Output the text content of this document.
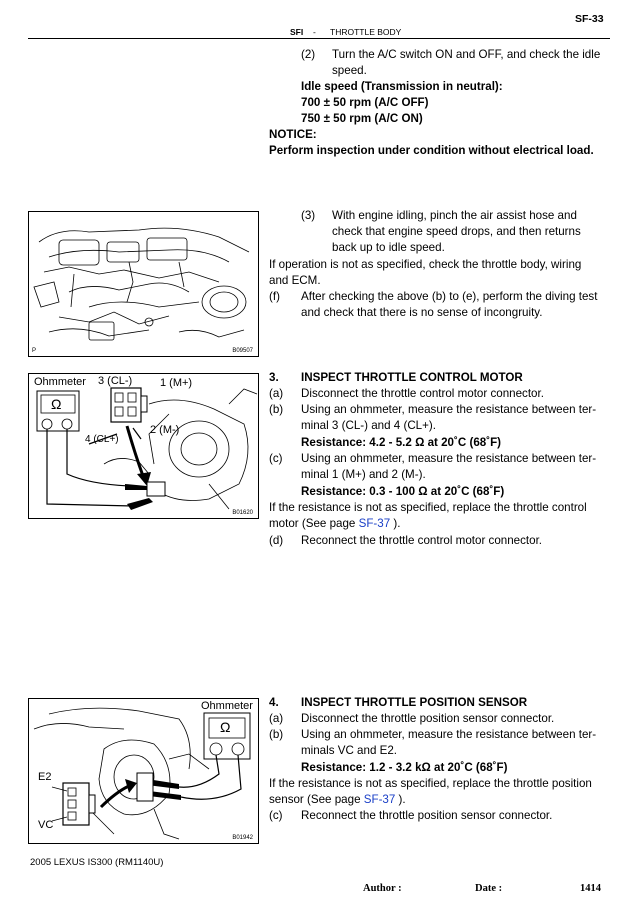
SF-33
SFI - THROTTLE BODY
(2)	Turn the A/C switch ON and OFF, and check the idle
speed.
Idle speed (Transmission in neutral):
700 ± 50 rpm (A/C OFF)
750 ± 50 rpm (A/C ON)
NOTICE:
Perform inspection under condition without electrical load.
P	B09507
(3)	With engine idling, pinch the air assist hose and
check that engine speed drops, and then returns
back up to idle speed.
If operation is not as specified, check the throttle body, wiring
and ECM.
(f)	After checking the above (b) to (e), perform the diving test
and check that there is no sense of incongruity.
Ohmmeter
Ω
3 (CL-)	1 (M+)
4 (CL+)
2 (M-)
B01620
3.	INSPECT THROTTLE CONTROL MOTOR
(a)	Disconnect the throttle control motor connector.
(b)	Using an ohmmeter, measure the resistance between ter-
minal 3 (CL-) and 4 (CL+).
Resistance: 4.2 - 5.2 Ω at 20˚C (68˚F)
(c)	Using an ohmmeter, measure the resistance between ter-
minal 1 (M+) and 2 (M-).
Resistance: 0.3 - 100 Ω at 20˚C (68˚F)
If the resistance is not as specified, replace the throttle control
motor (See page SF-37 ).
(d)	Reconnect the throttle control motor connector.
Ohmmeter
Ω
E2
VC
B01942
4.	INSPECT THROTTLE POSITION SENSOR
(a)	Disconnect the throttle position sensor connector.
(b)	Using an ohmmeter, measure the resistance between ter-
minals VC and E2.
Resistance: 1.2 - 3.2 kΩ at 20˚C (68˚F)
If the resistance is not as specified, replace the throttle position
sensor (See page SF-37 ).
(c)	Reconnect the throttle position sensor connector.
2005 LEXUS IS300 (RM1140U)
Author :	Date :	1414
